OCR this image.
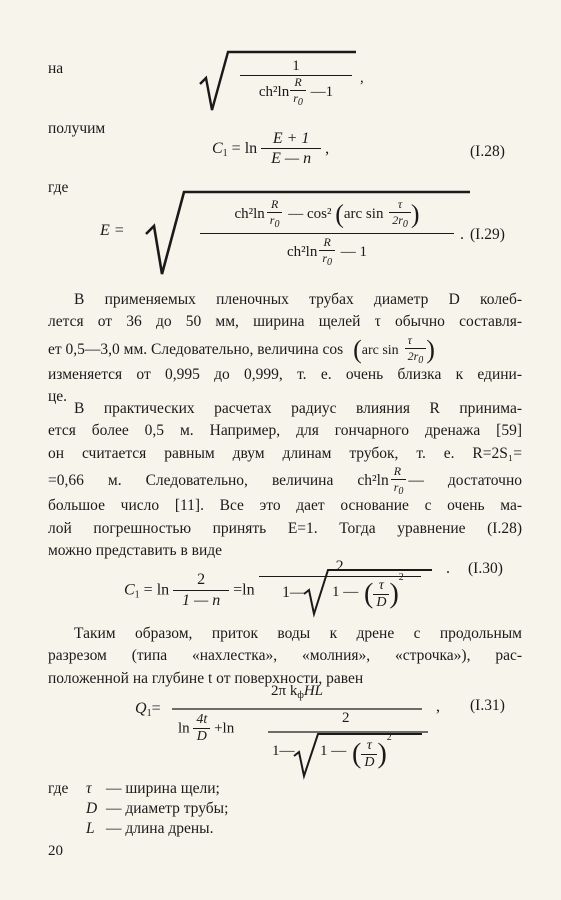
на	$\frac{1}{ch^2\ln \frac{R}{r_0} —1}$ ,
получим
$C_1 = \ln \frac{E + 1}{E — n}$ ,	(I.28)
где
E =	$\frac{ch^2\ln \frac{R}{r_0} — \cos^2 (arc \sin \frac{\tau}{2r_0} )}{ch^2\ln \frac{R}{r_0} — 1}$ . (I.29)
В применяемых пленочных трубах диаметр D колеб-
лется от 36 до 50 мм, ширина щелей τ обычно составля-
ет 0,5—3,0 мм. Следовательно, величина cos (arc $\sin \frac{\tau}{2r_0}$ )
изменяется от 0,995 до 0,999, т. е. очень близка к едини-
це.
В практических расчетах радиус влияния R принима-
ется более 0,5 м. Например, для гончарного дренажа [59]
он считается равным двум длинам трубок, т. е. R=2S₁=
=0,66 м. Следовательно, величина $ch^2\ln \frac{R}{r_0}$ — достаточно
большое число [11]. Все это дает основание с очень ма-
лой погрешностью принять E=1. Тогда уравнение (I.28)
можно представить в виде
$C_1 = \ln \frac{2}{1 — n} =\ln$
2
1— 1 — ( $\frac{\tau}{D} )^2$
. (I.30)
Таким образом, приток воды к дрене с продольным
разрезом (типа «нахлестка», «молния», «строчка»), рас-
положенной на глубине t от поверхности, равен
$Q_1=$
2π $k_фHL$
$\ln \frac{4t}{D} +\ln$
2
1— 1 — ( $\frac{\tau}{D} )^2$
, (I.31)
где τ — ширина щели;
D — диаметр трубы;
L — длина дрены.
20
